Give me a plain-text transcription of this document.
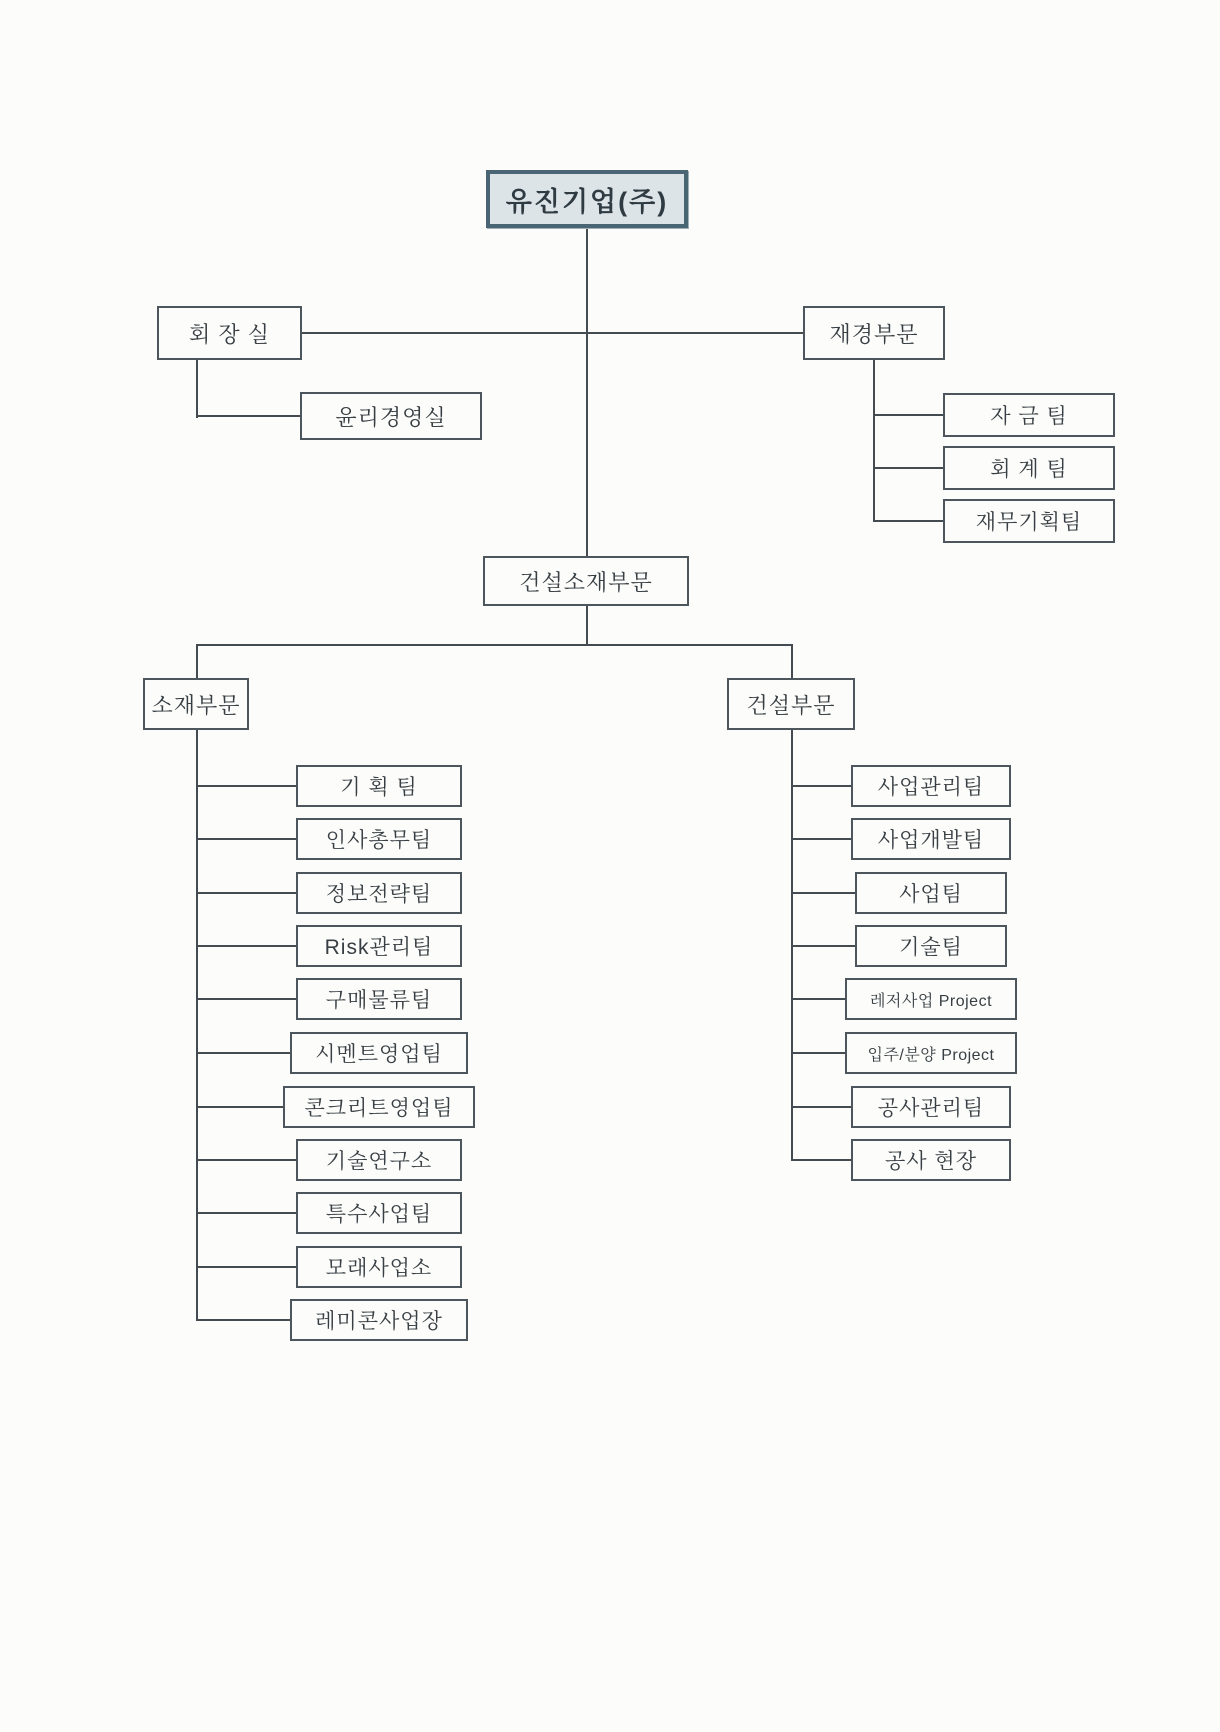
유진기업(주)
회 장 실
윤리경영실
재경부문
자 금 팀
회 계 팀
재무기획팀
건설소재부문
소재부문	건설부문
기 획 팀
인사총무팀
정보전략팀
Risk관리팀
구매물류팀
시멘트영업팀
콘크리트영업팀
기술연구소
특수사업팀
모래사업소
레미콘사업장
사업관리팀
사업개발팀
사업팀
기술팀
레저사업 Project
입주/분양 Project
공사관리팀
공사 현장
